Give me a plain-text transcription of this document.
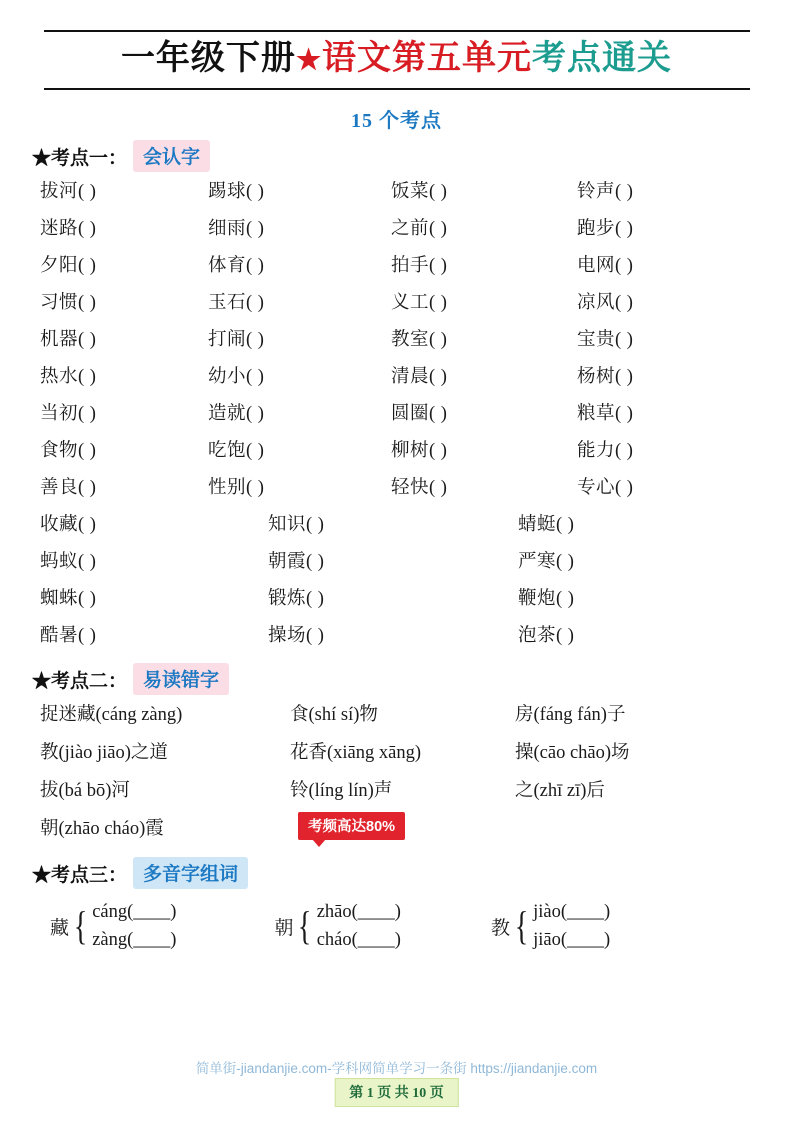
一年级下册★语文第五单元考点通关
15 个考点
★考点一： 会认字
拔河( )	踢球( )	饭菜( )	铃声( )
迷路( )	细雨( )	之前( )	跑步( )
夕阳( )	体育( )	拍手( )	电网( )
习惯( )	玉石( )	义工( )	凉风( )
机器( )	打闹( )	教室( )	宝贵( )
热水( )	幼小( )	清晨( )	杨树( )
当初( )	造就( )	圆圈( )	粮草( )
食物( )	吃饱( )	柳树( )	能力( )
善良( )	性别( )	轻快( )	专心( )
收藏( )	知识( )	蜻蜓( )
蚂蚁( )	朝霞( )	严寒( )
蜘蛛( )	锻炼( )	鞭炮( )
酷暑( )	操场( )	泡茶( )
★考点二： 易读错字
捉迷藏(cáng zàng)	食(shí sí)物	房(fáng fán)子
教(jiào jiāo)之道	花香(xiāng xāng)	操(cāo chāo)场
拔(bá bō)河	铃(líng lín)声	之(zhī zī)后
朝(zhāo cháo)霞	考频高达80%
★考点三： 多音字组词
藏 { cáng(____)
zàng(____)
朝 { zhāo(____)
cháo(____)
教 { jiào(____)
jiāo(____)
简单街-jiandanjie.com-学科网简单学习一条街 https://jiandanjie.com
第 1 页 共 10 页
